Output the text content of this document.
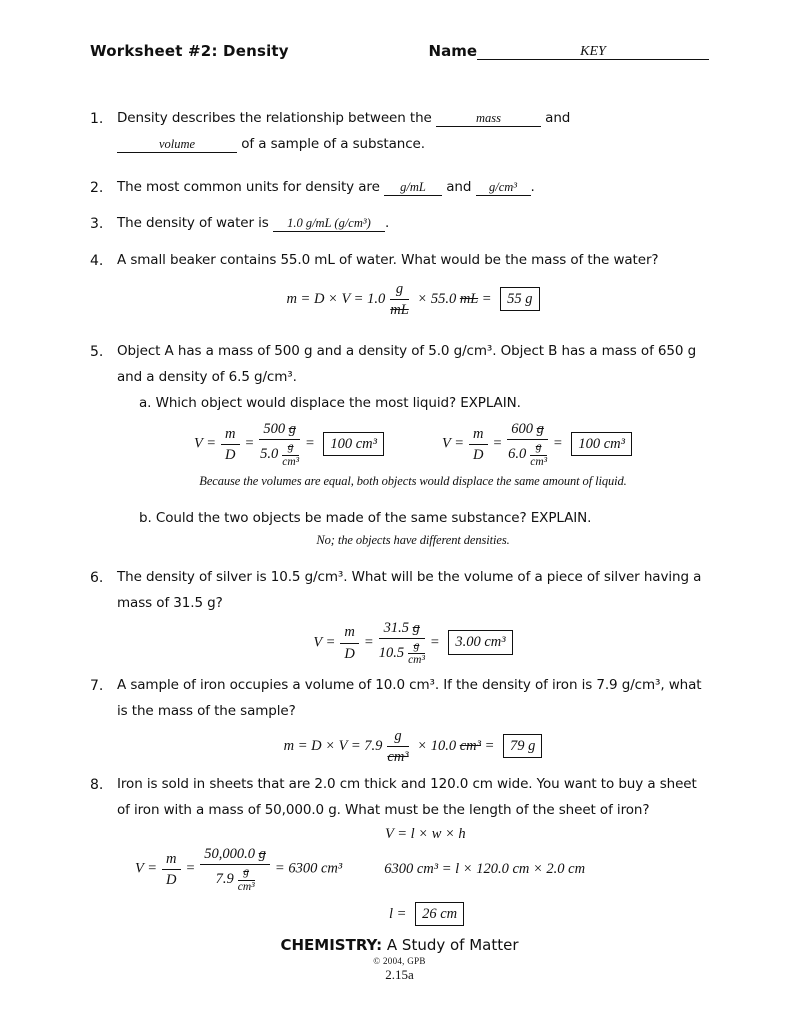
Worksheet #2: Density	Name	KEY
1.	Density describes the relationship between the	mass	and
volume	of a sample of a substance.
2.	The most common units for density are g/mL and g/cm³ .
3.	The density of water is 1.0 g/mL (g/cm³) .
4.	A small beaker contains 55.0 mL of water. What would be the mass of the water?
$m = D \times V = 1.0 \frac{g}{mL} \times 55.0$ mL = 55 g
5.	Object A has a mass of 500 g and a density of 5.0 g/cm³. Object B has a mass of 650 g and a density of 6.5 g/cm³.
a. Which object would displace the most liquid? EXPLAIN.
$V = \frac{m}{D} = \frac{500 g}{5.0 \frac{g}{\text{cm³}}} = 100$ cm³	$V = \frac{m}{D} = \frac{600 g}{6.0 \frac{g}{\text{cm³}}} = 100$ cm³
Because the volumes are equal, both objects would displace the same amount of liquid.
b. Could the two objects be made of the same substance? EXPLAIN.
No; the objects have different densities.
6.	The density of silver is 10.5 g/cm³. What will be the volume of a piece of silver having a mass of 31.5 g?
$V = \frac{m}{D} = \frac{31.5 g}{10.5 \frac{g}{\text{cm³}}} = 3.00$ cm³
7.	A sample of iron occupies a volume of 10.0 cm³. If the density of iron is 7.9 g/cm³, what is the mass of the sample?
$m = D \times V = 7.9 \frac{g}{\text{cm³}} \times 10.0$ cm³ = 79 g
8.	Iron is sold in sheets that are 2.0 cm thick and 120.0 cm wide. You want to buy a sheet of iron with a mass of 50,000.0 g. What must be the length of the sheet of iron?
V = l × w × h
$V = \frac{m}{D} = \frac{50,000.0 g}{7.9 \frac{g}{\text{cm³}}} = 6300$ cm³	6300 cm³ = l × 120.0 cm × 2.0 cm
l = 26 cm
CHEMISTRY: A Study of Matter
© 2004, GPB
2.15a
